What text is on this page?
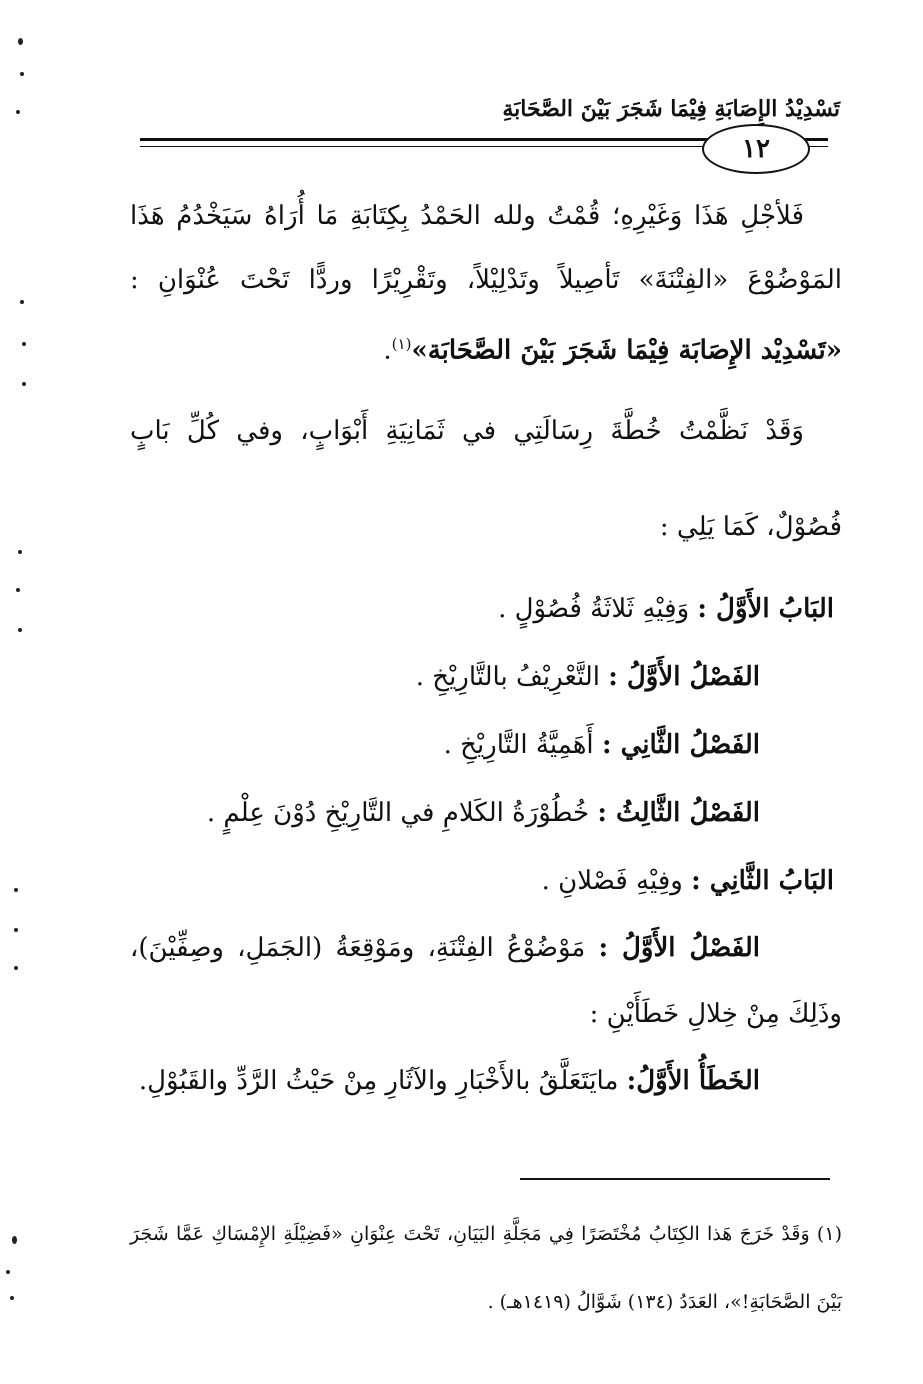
تَسْدِيْدُ الإِصَابَةِ فِيْمَا شَجَرَ بَيْنَ الصَّحَابَةِ
١٢

فَلأجْلِ هَذَا وَغَيْرِهِ؛ قُمْتُ ولله الحَمْدُ بِكِتَابَةِ مَا أُرَاهُ سَيَخْدُمُ هَذَا المَوْضُوْعَ «الفِتْنَةَ» تَأصِيلاً وتَدْلِيْلاً، وتَقْرِيْرًا وردًّا تَحْتَ عُنْوَانِ : «تَسْدِيْد الإِصَابَة فِيْمَا شَجَرَ بَيْنَ الصَّحَابَة»$^{(١)}$.

وَقَدْ نَظَّمْتُ خُطَّةَ رِسَالَتِي في ثَمَانِيَةِ أَبْوَابٍ، وفي كُلِّ بَابٍ فُصُوْلٌ، كَمَا يَلِي :

البَابُ الأَوَّلُ : وَفِيْهِ ثَلاثَةُ فُصُوْلٍ .

الفَصْلُ الأَوَّلُ : التَّعْرِيْفُ بالتَّارِيْخِ .

الفَصْلُ الثَّانِي : أَهَمِيَّةُ التَّارِيْخِ .

الفَصْلُ الثَّالِثُ : خُطُوْرَةُ الكَلامِ في التَّارِيْخِ دُوْنَ عِلْمٍ .

البَابُ الثَّانِي : وفِيْهِ فَصْلانِ .

الفَصْلُ الأَوَّلُ : مَوْضُوْعُ الفِتْنَةِ، ومَوْقِعَةُ (الجَمَلِ، وصِفِّيْنَ)، وذَلِكَ مِنْ خِلالِ خَطَأَيْنِ :

الخَطَأُ الأَوَّلُ: مايَتَعَلَّقُ بالأَخْبَارِ والآثَارِ مِنْ حَيْثُ الرَّدِّ والقَبُوْلِ.

(١) وَقَدْ خَرَجَ هَذا الكِتَابُ مُخْتَصَرًا فِي مَجَلَّةِ البَيَانِ، تَحْتَ عِنْوَانِ «فَضِيْلَةِ الإِمْسَاكِ عَمَّا شَجَرَ بَيْنَ الصَّحَابَةِ!»، العَدَدُ (١٣٤) شَوَّالُ (١٤١٩هـ) .
